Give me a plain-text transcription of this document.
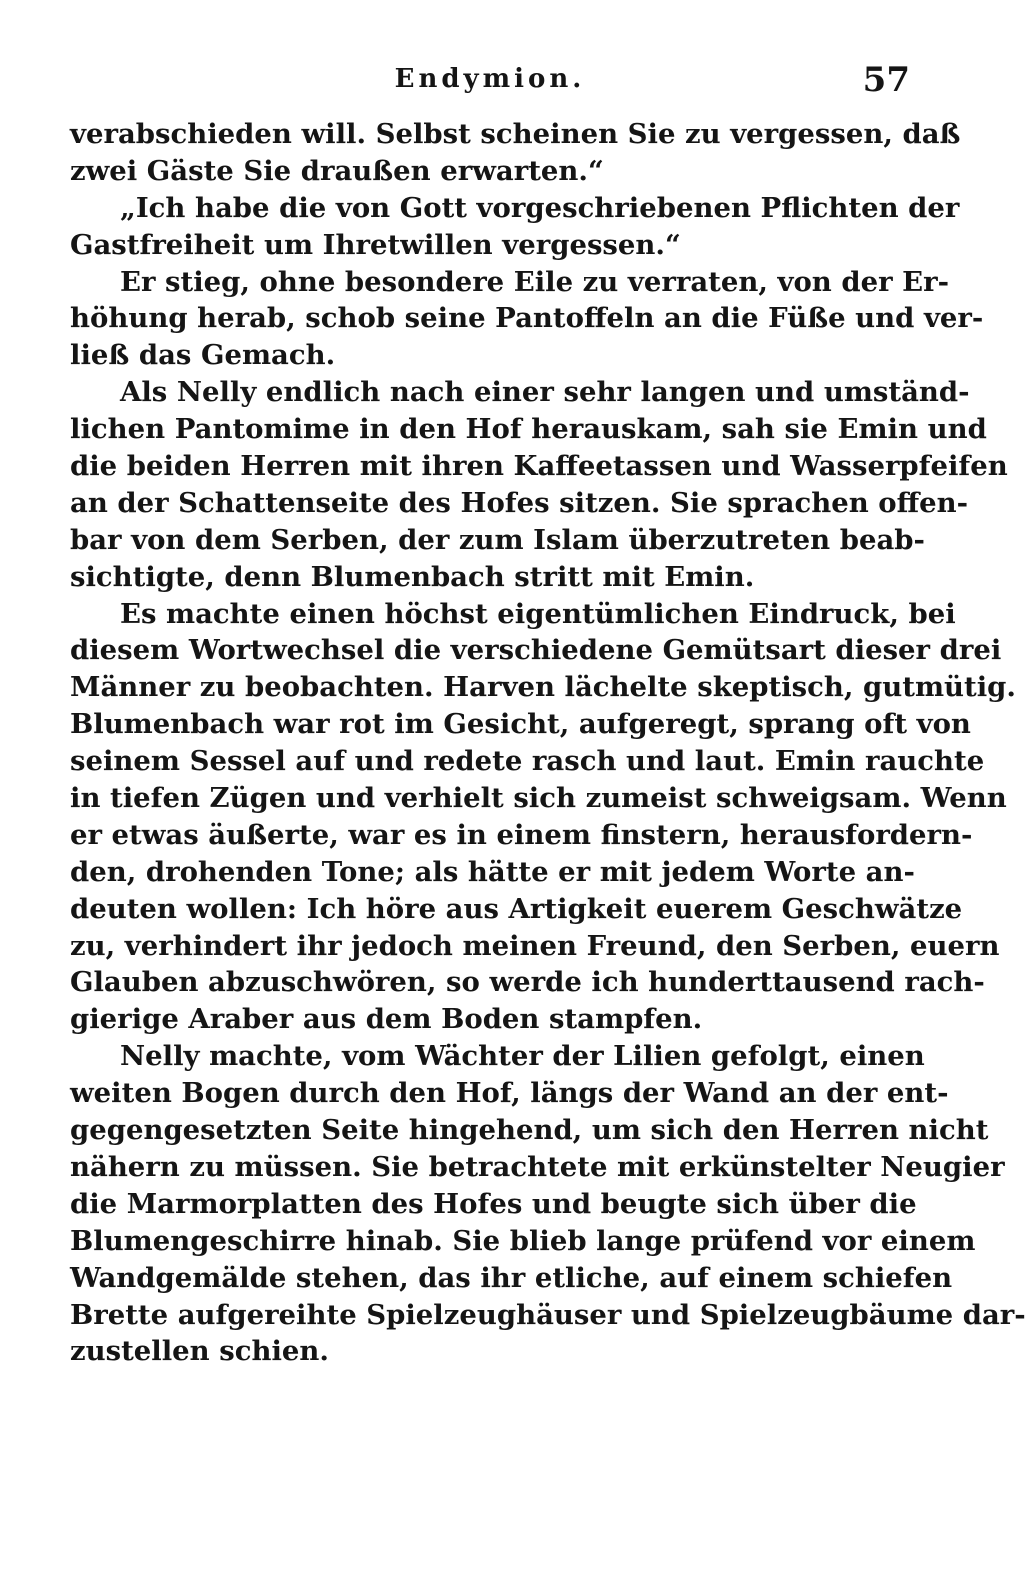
Endymion.	57
verabschieden will. Selbst scheinen Sie zu vergessen, daß
zwei Gäste Sie draußen erwarten.“
„Ich habe die von Gott vorgeschriebenen Pflichten der
Gastfreiheit um Ihretwillen vergessen.“
Er stieg, ohne besondere Eile zu verraten, von der Er-
höhung herab, schob seine Pantoffeln an die Füße und ver-
ließ das Gemach.
Als Nelly endlich nach einer sehr langen und umständ-
lichen Pantomime in den Hof herauskam, sah sie Emin und
die beiden Herren mit ihren Kaffeetassen und Wasserpfeifen
an der Schattenseite des Hofes sitzen. Sie sprachen offen-
bar von dem Serben, der zum Islam überzutreten beab-
sichtigte, denn Blumenbach stritt mit Emin.
Es machte einen höchst eigentümlichen Eindruck, bei
diesem Wortwechsel die verschiedene Gemütsart dieser drei
Männer zu beobachten. Harven lächelte skeptisch, gutmütig.
Blumenbach war rot im Gesicht, aufgeregt, sprang oft von
seinem Sessel auf und redete rasch und laut. Emin rauchte
in tiefen Zügen und verhielt sich zumeist schweigsam. Wenn
er etwas äußerte, war es in einem finstern, herausfordern-
den, drohenden Tone; als hätte er mit jedem Worte an-
deuten wollen: Ich höre aus Artigkeit euerem Geschwätze
zu, verhindert ihr jedoch meinen Freund, den Serben, euern
Glauben abzuschwören, so werde ich hunderttausend rach-
gierige Araber aus dem Boden stampfen.
Nelly machte, vom Wächter der Lilien gefolgt, einen
weiten Bogen durch den Hof, längs der Wand an der ent-
gegengesetzten Seite hingehend, um sich den Herren nicht
nähern zu müssen. Sie betrachtete mit erkünstelter Neugier
die Marmorplatten des Hofes und beugte sich über die
Blumengeschirre hinab. Sie blieb lange prüfend vor einem
Wandgemälde stehen, das ihr etliche, auf einem schiefen
Brette aufgereihte Spielzeughäuser und Spielzeugbäume dar-
zustellen schien.
